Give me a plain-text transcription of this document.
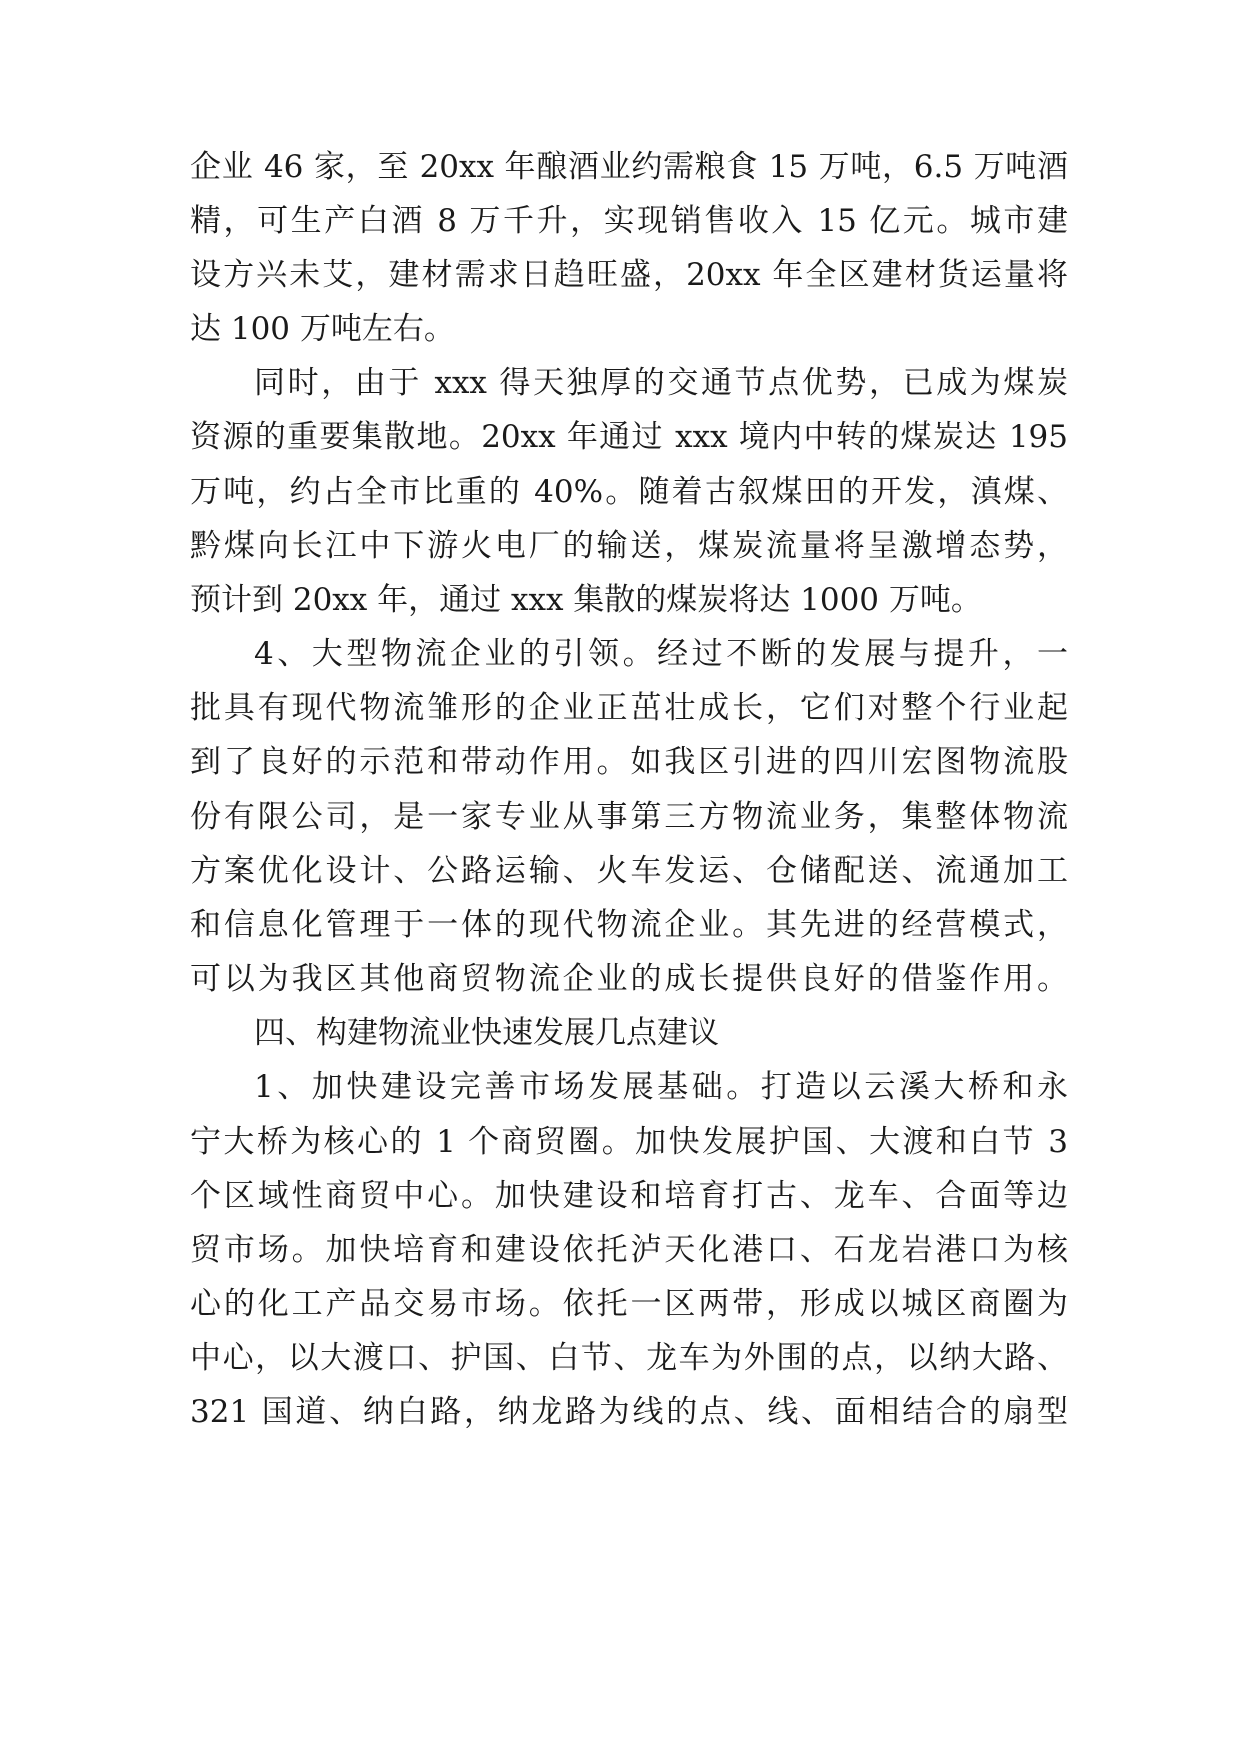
企业 46 家，至 20xx 年酿酒业约需粮食 15 万吨，6.5 万吨酒
精，可生产白酒 8 万千升，实现销售收入 15 亿元。城市建
设方兴未艾，建材需求日趋旺盛，20xx 年全区建材货运量将
达 100 万吨左右。
同时，由于 xxx 得天独厚的交通节点优势，已成为煤炭
资源的重要集散地。20xx 年通过 xxx 境内中转的煤炭达 195
万吨，约占全市比重的 40%。随着古叙煤田的开发，滇煤、
黔煤向长江中下游火电厂的输送，煤炭流量将呈激增态势，
预计到 20xx 年，通过 xxx 集散的煤炭将达 1000 万吨。
4、大型物流企业的引领。经过不断的发展与提升，一
批具有现代物流雏形的企业正茁壮成长，它们对整个行业起
到了良好的示范和带动作用。如我区引进的四川宏图物流股
份有限公司，是一家专业从事第三方物流业务，集整体物流
方案优化设计、公路运输、火车发运、仓储配送、流通加工
和信息化管理于一体的现代物流企业。其先进的经营模式，
可以为我区其他商贸物流企业的成长提供良好的借鉴作用。
四、构建物流业快速发展几点建议
1、加快建设完善市场发展基础。打造以云溪大桥和永
宁大桥为核心的 1 个商贸圈。加快发展护国、大渡和白节 3
个区域性商贸中心。加快建设和培育打古、龙车、合面等边
贸市场。加快培育和建设依托泸天化港口、石龙岩港口为核
心的化工产品交易市场。依托一区两带，形成以城区商圈为
中心，以大渡口、护国、白节、龙车为外围的点，以纳大路、
321 国道、纳白路，纳龙路为线的点、线、面相结合的扇型
